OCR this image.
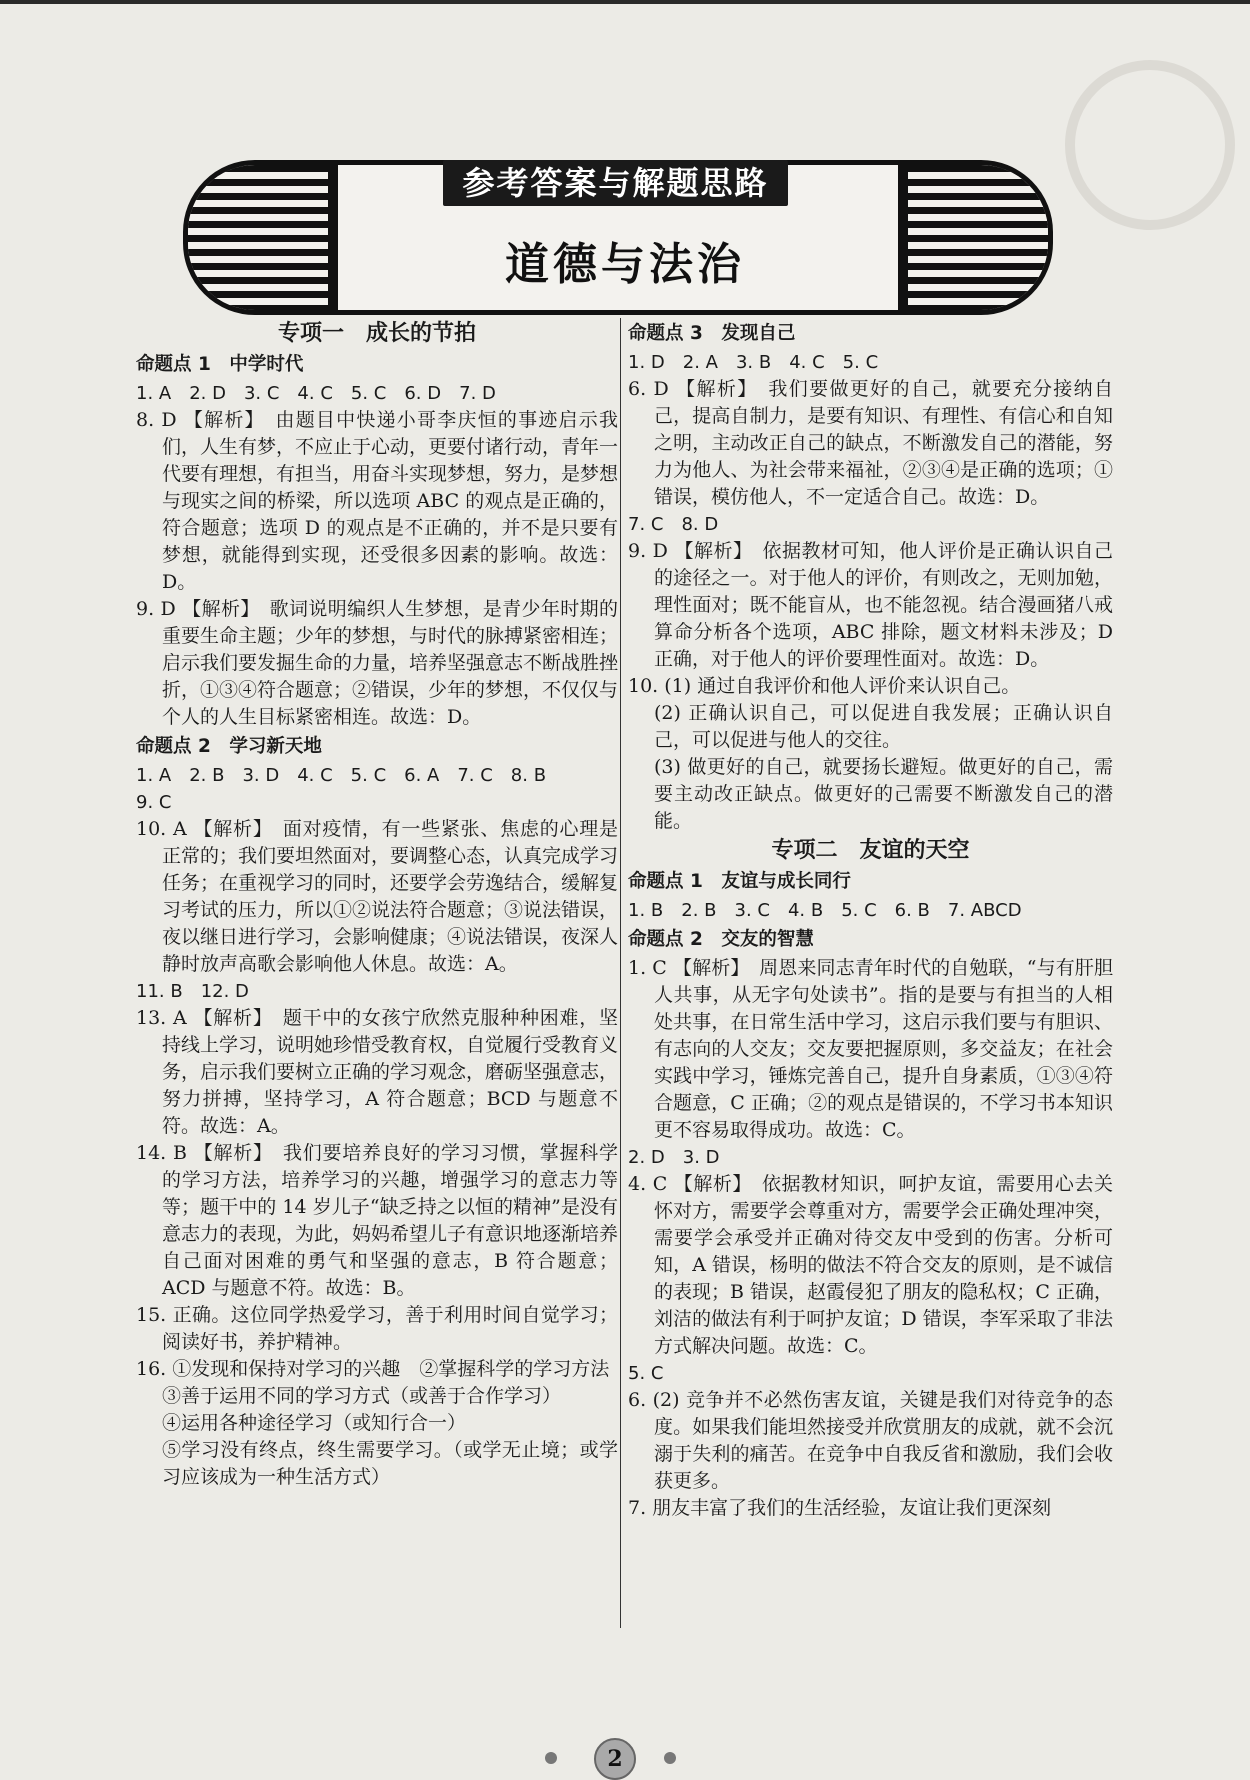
参考答案与解题思路
道德与法治
专项一　成长的节拍
命题点 1　中学时代

1. A　2. D　3. C　4. C　5. C　6. D　7. D

8. D 【解析】　由题目中快递小哥李庆恒的事迹启示我们，人生有梦，不应止于心动，更要付诸行动，青年一代要有理想，有担当，用奋斗实现梦想，努力，是梦想与现实之间的桥梁，所以选项 ABC 的观点是正确的，符合题意；选项 D 的观点是不正确的，并不是只要有梦想，就能得到实现，还受很多因素的影响。故选：D。

9. D 【解析】　歌词说明编织人生梦想，是青少年时期的重要生命主题；少年的梦想，与时代的脉搏紧密相连；启示我们要发掘生命的力量，培养坚强意志不断战胜挫折，①③④符合题意；②错误，少年的梦想，不仅仅与个人的人生目标紧密相连。故选：D。

命题点 2　学习新天地

1. A　2. B　3. D　4. C　5. C　6. A　7. C　8. B

9. C

10. A 【解析】　面对疫情，有一些紧张、焦虑的心理是正常的；我们要坦然面对，要调整心态，认真完成学习任务；在重视学习的同时，还要学会劳逸结合，缓解复习考试的压力，所以①②说法符合题意；③说法错误，夜以继日进行学习，会影响健康；④说法错误，夜深人静时放声高歌会影响他人休息。故选：A。

11. B　12. D

13. A 【解析】　题干中的女孩宁欣然克服种种困难，坚持线上学习，说明她珍惜受教育权，自觉履行受教育义务，启示我们要树立正确的学习观念，磨砺坚强意志，努力拼搏，坚持学习，A 符合题意；BCD 与题意不符。故选：A。

14. B 【解析】　我们要培养良好的学习习惯，掌握科学的学习方法，培养学习的兴趣，增强学习的意志力等等；题干中的 14 岁儿子“缺乏持之以恒的精神”是没有意志力的表现，为此，妈妈希望儿子有意识地逐渐培养自己面对困难的勇气和坚强的意志，B 符合题意；ACD 与题意不符。故选：B。

15. 正确。这位同学热爱学习，善于利用时间自觉学习；阅读好书，养护精神。

16. ①发现和保持对学习的兴趣　②掌握科学的学习方法

③善于运用不同的学习方式（或善于合作学习）

④运用各种途径学习（或知行合一）

⑤学习没有终点，终生需要学习。（或学无止境；或学习应该成为一种生活方式）

命题点 3　发现自己

1. D　2. A　3. B　4. C　5. C

6. D 【解析】　我们要做更好的自己，就要充分接纳自己，提高自制力，是要有知识、有理性、有信心和自知之明，主动改正自己的缺点，不断激发自己的潜能，努力为他人、为社会带来福祉，②③④是正确的选项；①错误，模仿他人，不一定适合自己。故选：D。

7. C　8. D

9. D 【解析】　依据教材可知，他人评价是正确认识自己的途径之一。对于他人的评价，有则改之，无则加勉，理性面对；既不能盲从，也不能忽视。结合漫画猪八戒算命分析各个选项，ABC 排除，题文材料未涉及；D 正确，对于他人的评价要理性面对。故选：D。

10. (1) 通过自我评价和他人评价来认识自己。

(2) 正确认识自己，可以促进自我发展；正确认识自己，可以促进与他人的交往。

(3) 做更好的自己，就要扬长避短。做更好的自己，需要主动改正缺点。做更好的己需要不断激发自己的潜能。

专项二　友谊的天空
命题点 1　友谊与成长同行

1. B　2. B　3. C　4. B　5. C　6. B　7. ABCD

命题点 2　交友的智慧

1. C 【解析】　周恩来同志青年时代的自勉联，“与有肝胆人共事，从无字句处读书”。指的是要与有担当的人相处共事，在日常生活中学习，这启示我们要与有胆识、有志向的人交友；交友要把握原则，多交益友；在社会实践中学习，锤炼完善自己，提升自身素质，①③④符合题意，C 正确；②的观点是错误的，不学习书本知识更不容易取得成功。故选：C。

2. D　3. D

4. C 【解析】　依据教材知识，呵护友谊，需要用心去关怀对方，需要学会尊重对方，需要学会正确处理冲突，需要学会承受并正确对待交友中受到的伤害。分析可知，A 错误，杨明的做法不符合交友的原则，是不诚信的表现；B 错误，赵霞侵犯了朋友的隐私权；C 正确，刘洁的做法有利于呵护友谊；D 错误，李军采取了非法方式解决问题。故选：C。

5. C

6. (2) 竞争并不必然伤害友谊，关键是我们对待竞争的态度。如果我们能坦然接受并欣赏朋友的成就，就不会沉溺于失利的痛苦。在竞争中自我反省和激励，我们会收获更多。

7. 朋友丰富了我们的生活经验，友谊让我们更深刻

2
